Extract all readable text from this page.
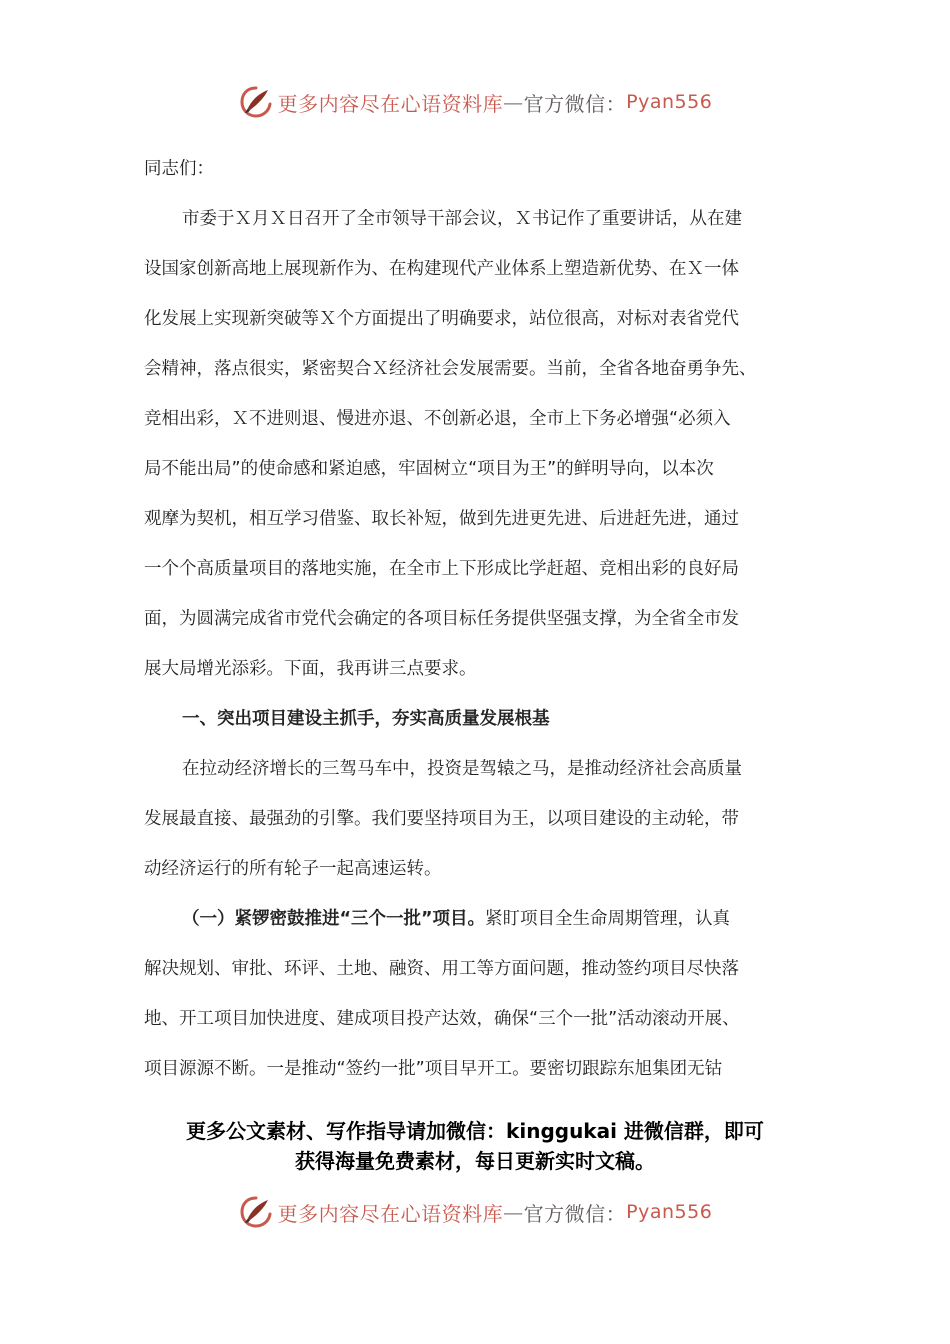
更多内容尽在心语资料库 — 官方微信： Pyan556
同志们：
市委于Ｘ月Ｘ日召开了全市领导干部会议，Ｘ书记作了重要讲话，从在建
设国家创新高地上展现新作为、在构建现代产业体系上塑造新优势、在Ｘ一体
化发展上实现新突破等Ｘ个方面提出了明确要求，站位很高，对标对表省党代
会精神，落点很实，紧密契合Ｘ经济社会发展需要。当前，全省各地奋勇争先、
竞相出彩，Ｘ不进则退、慢进亦退、不创新必退，全市上下务必增强“必须入
局不能出局”的使命感和紧迫感，牢固树立“项目为王”的鲜明导向，以本次
观摩为契机，相互学习借鉴、取长补短，做到先进更先进、后进赶先进，通过
一个个高质量项目的落地实施，在全市上下形成比学赶超、竞相出彩的良好局
面，为圆满完成省市党代会确定的各项目标任务提供坚强支撑，为全省全市发
展大局增光添彩。下面，我再讲三点要求。
一、突出项目建设主抓手，夯实高质量发展根基
在拉动经济增长的三驾马车中，投资是驾辕之马，是推动经济社会高质量
发展最直接、最强劲的引擎。我们要坚持项目为王，以项目建设的主动轮，带
动经济运行的所有轮子一起高速运转。
（一）紧锣密鼓推进“三个一批”项目。紧盯项目全生命周期管理，认真
解决规划、审批、环评、土地、融资、用工等方面问题，推动签约项目尽快落
地、开工项目加快进度、建成项目投产达效，确保“三个一批”活动滚动开展、
项目源源不断。一是推动“签约一批”项目早开工。要密切跟踪东旭集团无钴
更多公文素材、写作指导请加微信：kinggukai 进微信群，即可
获得海量免费素材，每日更新实时文稿。
更多内容尽在心语资料库 — 官方微信： Pyan556
